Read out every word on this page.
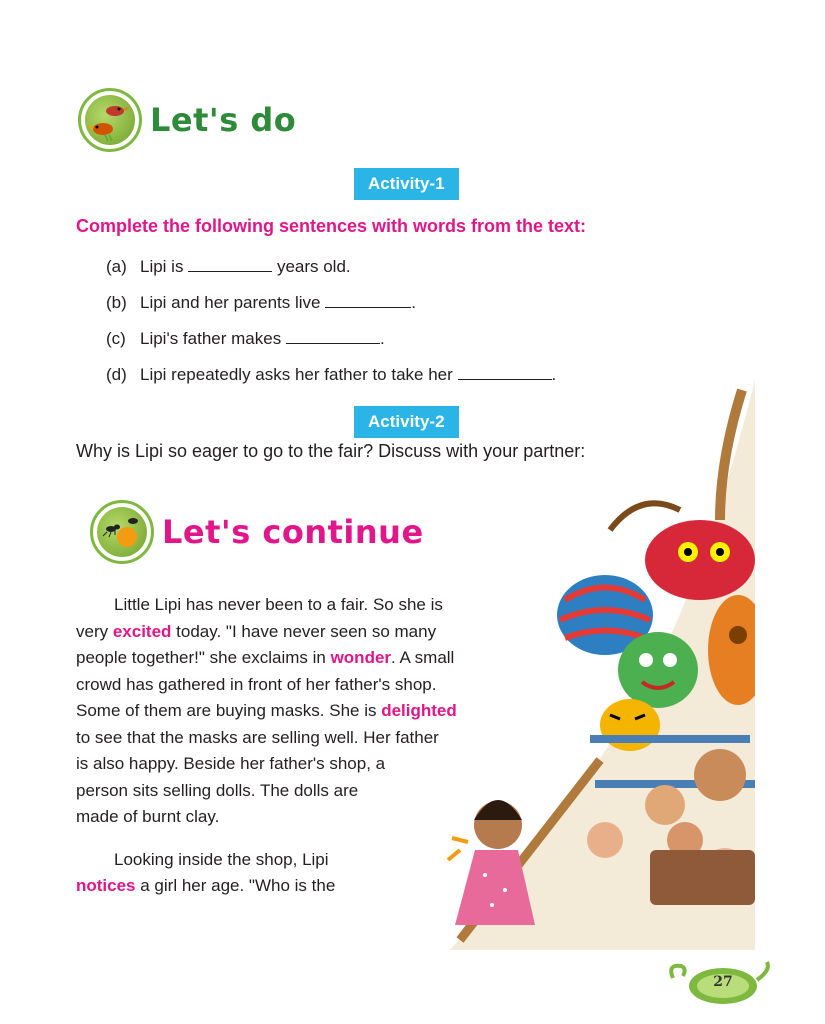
Let's do
Activity-1
Complete the following sentences with words from the text:
(a) Lipi is	years old.
(b) Lipi and her parents live	.
(c) Lipi's father makes	.
(d) Lipi repeatedly asks her father to take her	.
Activity-2
Why is Lipi so eager to go to the fair? Discuss with your partner:
Let's continue

Little Lipi has never been to a fair. So she is
very excited today. "I have never seen so many
people together!" she exclaims in wonder. A small
crowd has gathered in front of her father's shop.
Some of them are buying masks. She is delighted
to see that the masks are selling well. Her father
is also happy. Beside her father's shop, a
person sits selling dolls. The dolls are
made of burnt clay.

Looking inside the shop, Lipi
notices a girl her age. "Who is the

27
